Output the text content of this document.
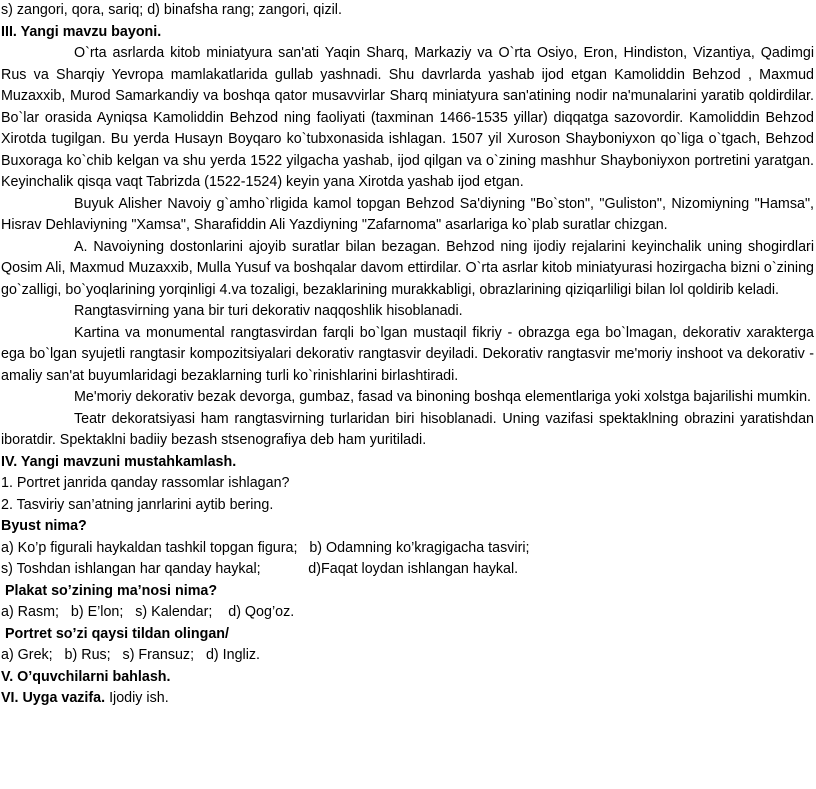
s) zangori, qora, sariq; d) binafsha rang; zangori, qizil.

III. Yangi mavzu bayoni.

O`rta asrlarda kitob miniatyura san'ati Yaqin Sharq, Markaziy va O`rta Osiyo, Eron, Hindiston, Vizantiya, Qadimgi Rus va Sharqiy Yevropa mamlakatlarida gullab yashnadi. Shu davrlarda yashab ijod etgan Kamoliddin Behzod , Maxmud Muzaxxib, Murod Samarkandiy va boshqa qator musavvirlar Sharq miniatyura san'atining nodir na'munalarini yaratib qoldirdilar. Bo`lar orasida Ayniqsa Kamoliddin Behzod ning faoliyati (taxminan 1466-1535 yillar) diqqatga sazovordir. Kamoliddin Behzod Xirotda tugilgan. Bu yerda Husayn Boyqaro ko`tubxonasida ishlagan. 1507 yil Xuroson Shayboniyxon qo`liga o`tgach, Behzod Buxoraga ko`chib kelgan va shu yerda 1522 yilgacha yashab, ijod qilgan va o`zining mashhur Shayboniyxon portretini yaratgan. Keyinchalik qisqa vaqt Tabrizda (1522-1524) keyin yana Xirotda yashab ijod etgan.

Buyuk Alisher Navoiy g`amho`rligida kamol topgan Behzod Sa'diyning "Bo`ston", "Guliston", Nizomiyning "Hamsa", Hisrav Dehlaviyning "Xamsa", Sharafiddin Ali Yazdiyning "Zafarnoma" asarlariga ko`plab suratlar chizgan.

A. Navoiyning dostonlarini ajoyib suratlar bilan bezagan. Behzod ning ijodiy rejalarini keyinchalik uning shogirdlari Qosim Ali, Maxmud Muzaxxib, Mulla Yusuf va boshqalar davom ettirdilar. O`rta asrlar kitob miniatyurasi hozirgacha bizni o`zining go`zalligi, bo`yoqlarining yorqinligi 4.va tozaligi, bezaklarining murakkabligi, obrazlarining qiziqarliligi bilan lol qoldirib keladi.

Rangtasvirning yana bir turi dekorativ naqqoshlik hisoblanadi.

Kartina va monumental rangtasvirdan farqli bo`lgan mustaqil fikriy - obrazga ega bo`lmagan, dekorativ xarakterga ega bo`lgan syujetli rangtasir kompozitsiyalari dekorativ rangtasvir deyiladi. Dekorativ rangtasvir me'moriy inshoot va dekorativ - amaliy san'at buyumlaridagi bezaklarning turli ko`rinishlarini birlashtiradi.

Me'moriy dekorativ bezak devorga, gumbaz, fasad va binoning boshqa elementlariga yoki xolstga bajarilishi mumkin.

Teatr dekoratsiyasi ham rangtasvirning turlaridan biri hisoblanadi. Uning vazifasi spektaklning obrazini yaratishdan iboratdir. Spektaklni badiiy bezash stsenografiya deb ham yuritiladi.

IV. Yangi mavzuni mustahkamlash.

1. Portret janrida qanday rassomlar ishlagan?

2. Tasviriy san’atning janrlarini aytib bering.

Byust nima?

a) Ko’p figurali haykaldan tashkil topgan figura;   b) Odamning ko’kragigacha tasviri;

s) Toshdan ishlangan har qanday haykal;            d)Faqat loydan ishlangan haykal.

Plakat so’zining ma’nosi nima?

a) Rasm;   b) E’lon;   s) Kalendar;    d) Qog’oz.

Portret so’zi qaysi tildan olingan/

a) Grek;   b) Rus;   s) Fransuz;   d) Ingliz.

V. O’quvchilarni bahlash.

VI. Uyga vazifa. Ijodiy ish.
